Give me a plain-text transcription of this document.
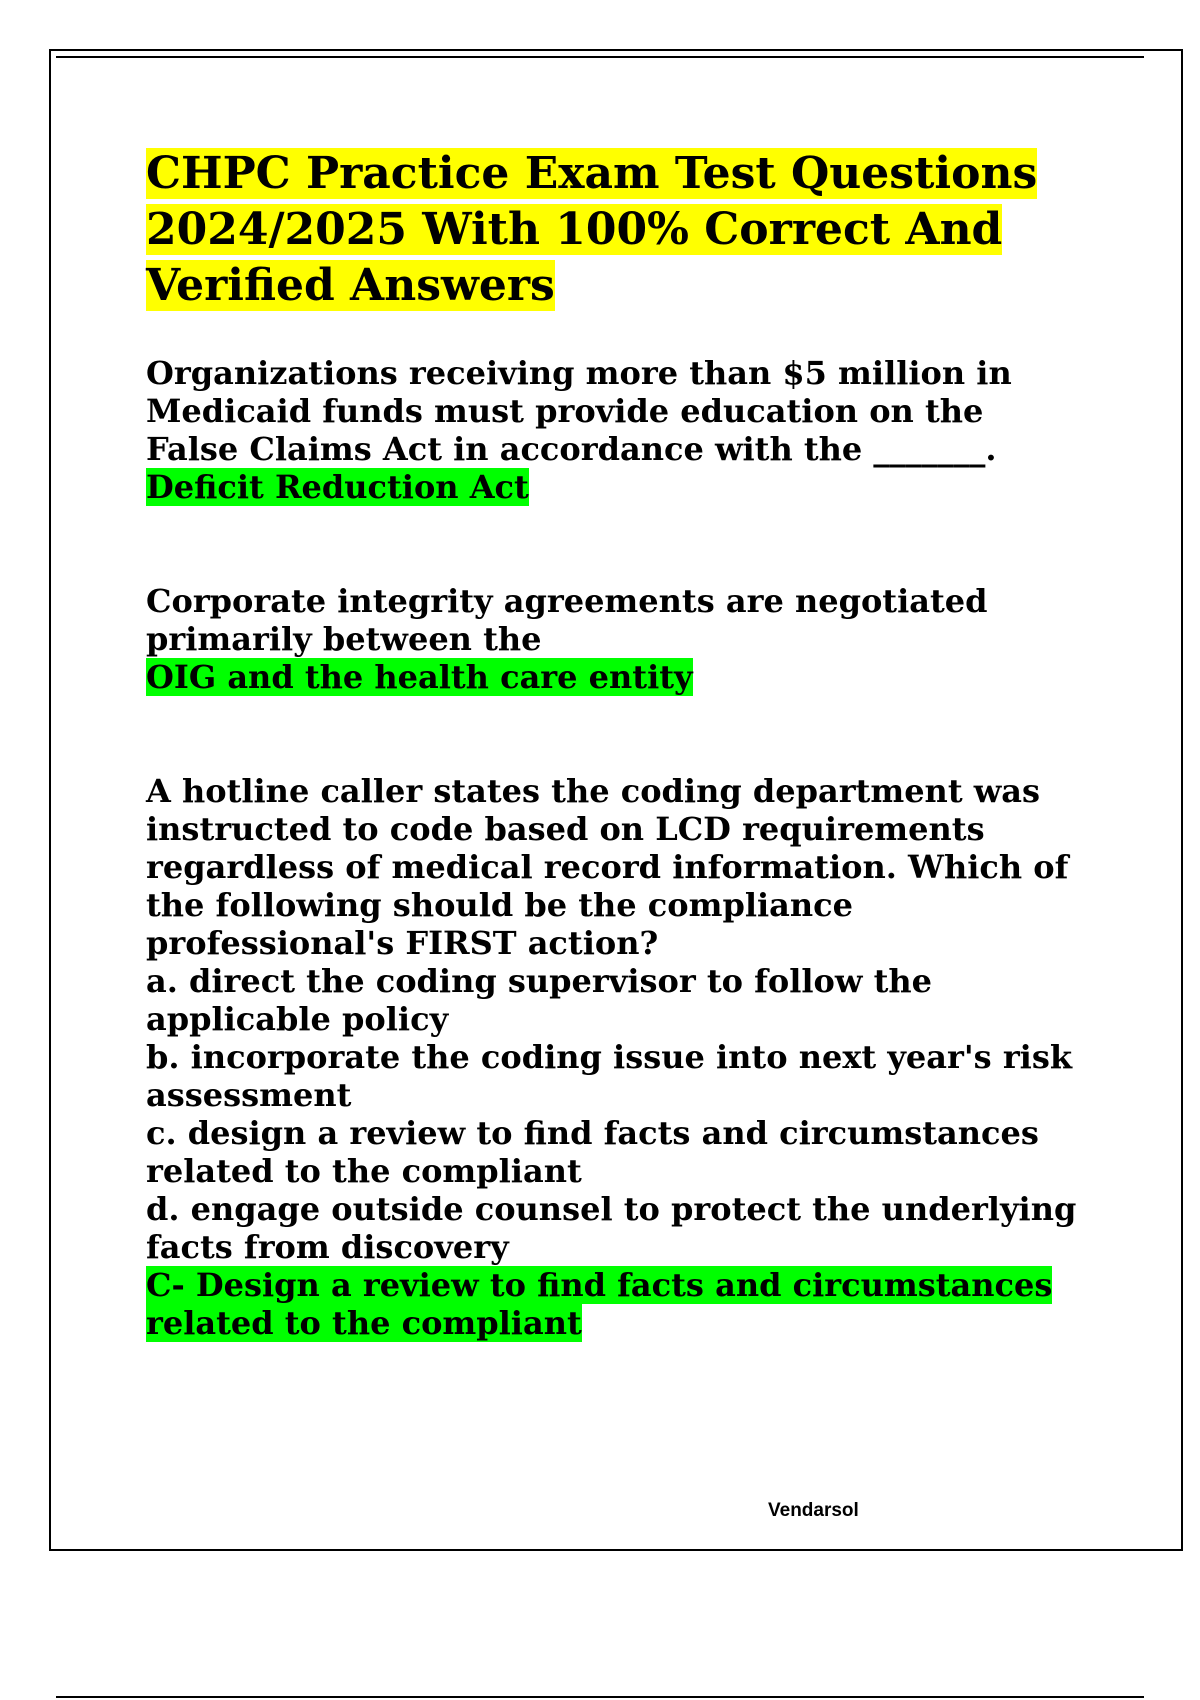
CHPC Practice Exam Test Questions 2024/2025 With 100% Correct And Verified Answers

Organizations receiving more than $5 million in

Medicaid funds must provide education on the

False Claims Act in accordance with the _______.

Deficit Reduction Act

Corporate integrity agreements are negotiated

primarily between the

OIG and the health care entity

A hotline caller states the coding department was

instructed to code based on LCD requirements

regardless of medical record information. Which of

the following should be the compliance

professional's FIRST action?

a. direct the coding supervisor to follow the

applicable policy

b. incorporate the coding issue into next year's risk

assessment

c. design a review to find facts and circumstances

related to the compliant

d. engage outside counsel to protect the underlying

facts from discovery

C- Design a review to find facts and circumstances

related to the compliant

Vendarsol
